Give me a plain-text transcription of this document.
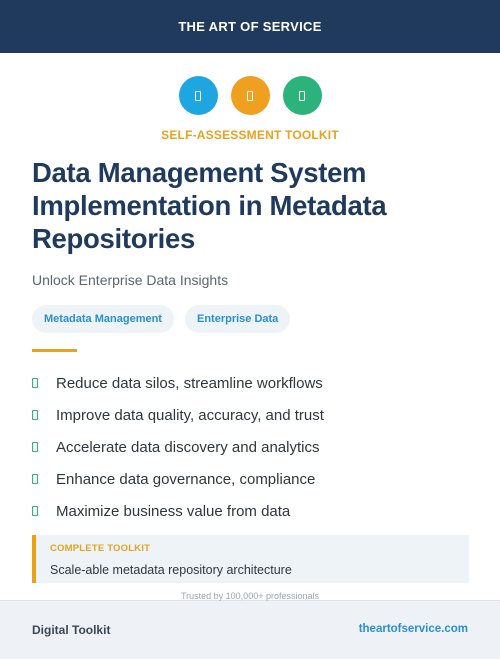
THE ART OF SERVICE
SELF-ASSESSMENT TOOLKIT
Data Management System Implementation in Metadata Repositories
Unlock Enterprise Data Insights
Metadata Management	Enterprise Data
Reduce data silos, streamline workflows
Improve data quality, accuracy, and trust
Accelerate data discovery and analytics
Enhance data governance, compliance
Maximize business value from data
COMPLETE TOOLKIT
Scale-able metadata repository architecture
Digital Toolkit	theartofservice.com
Trusted by 100,000+ professionals
